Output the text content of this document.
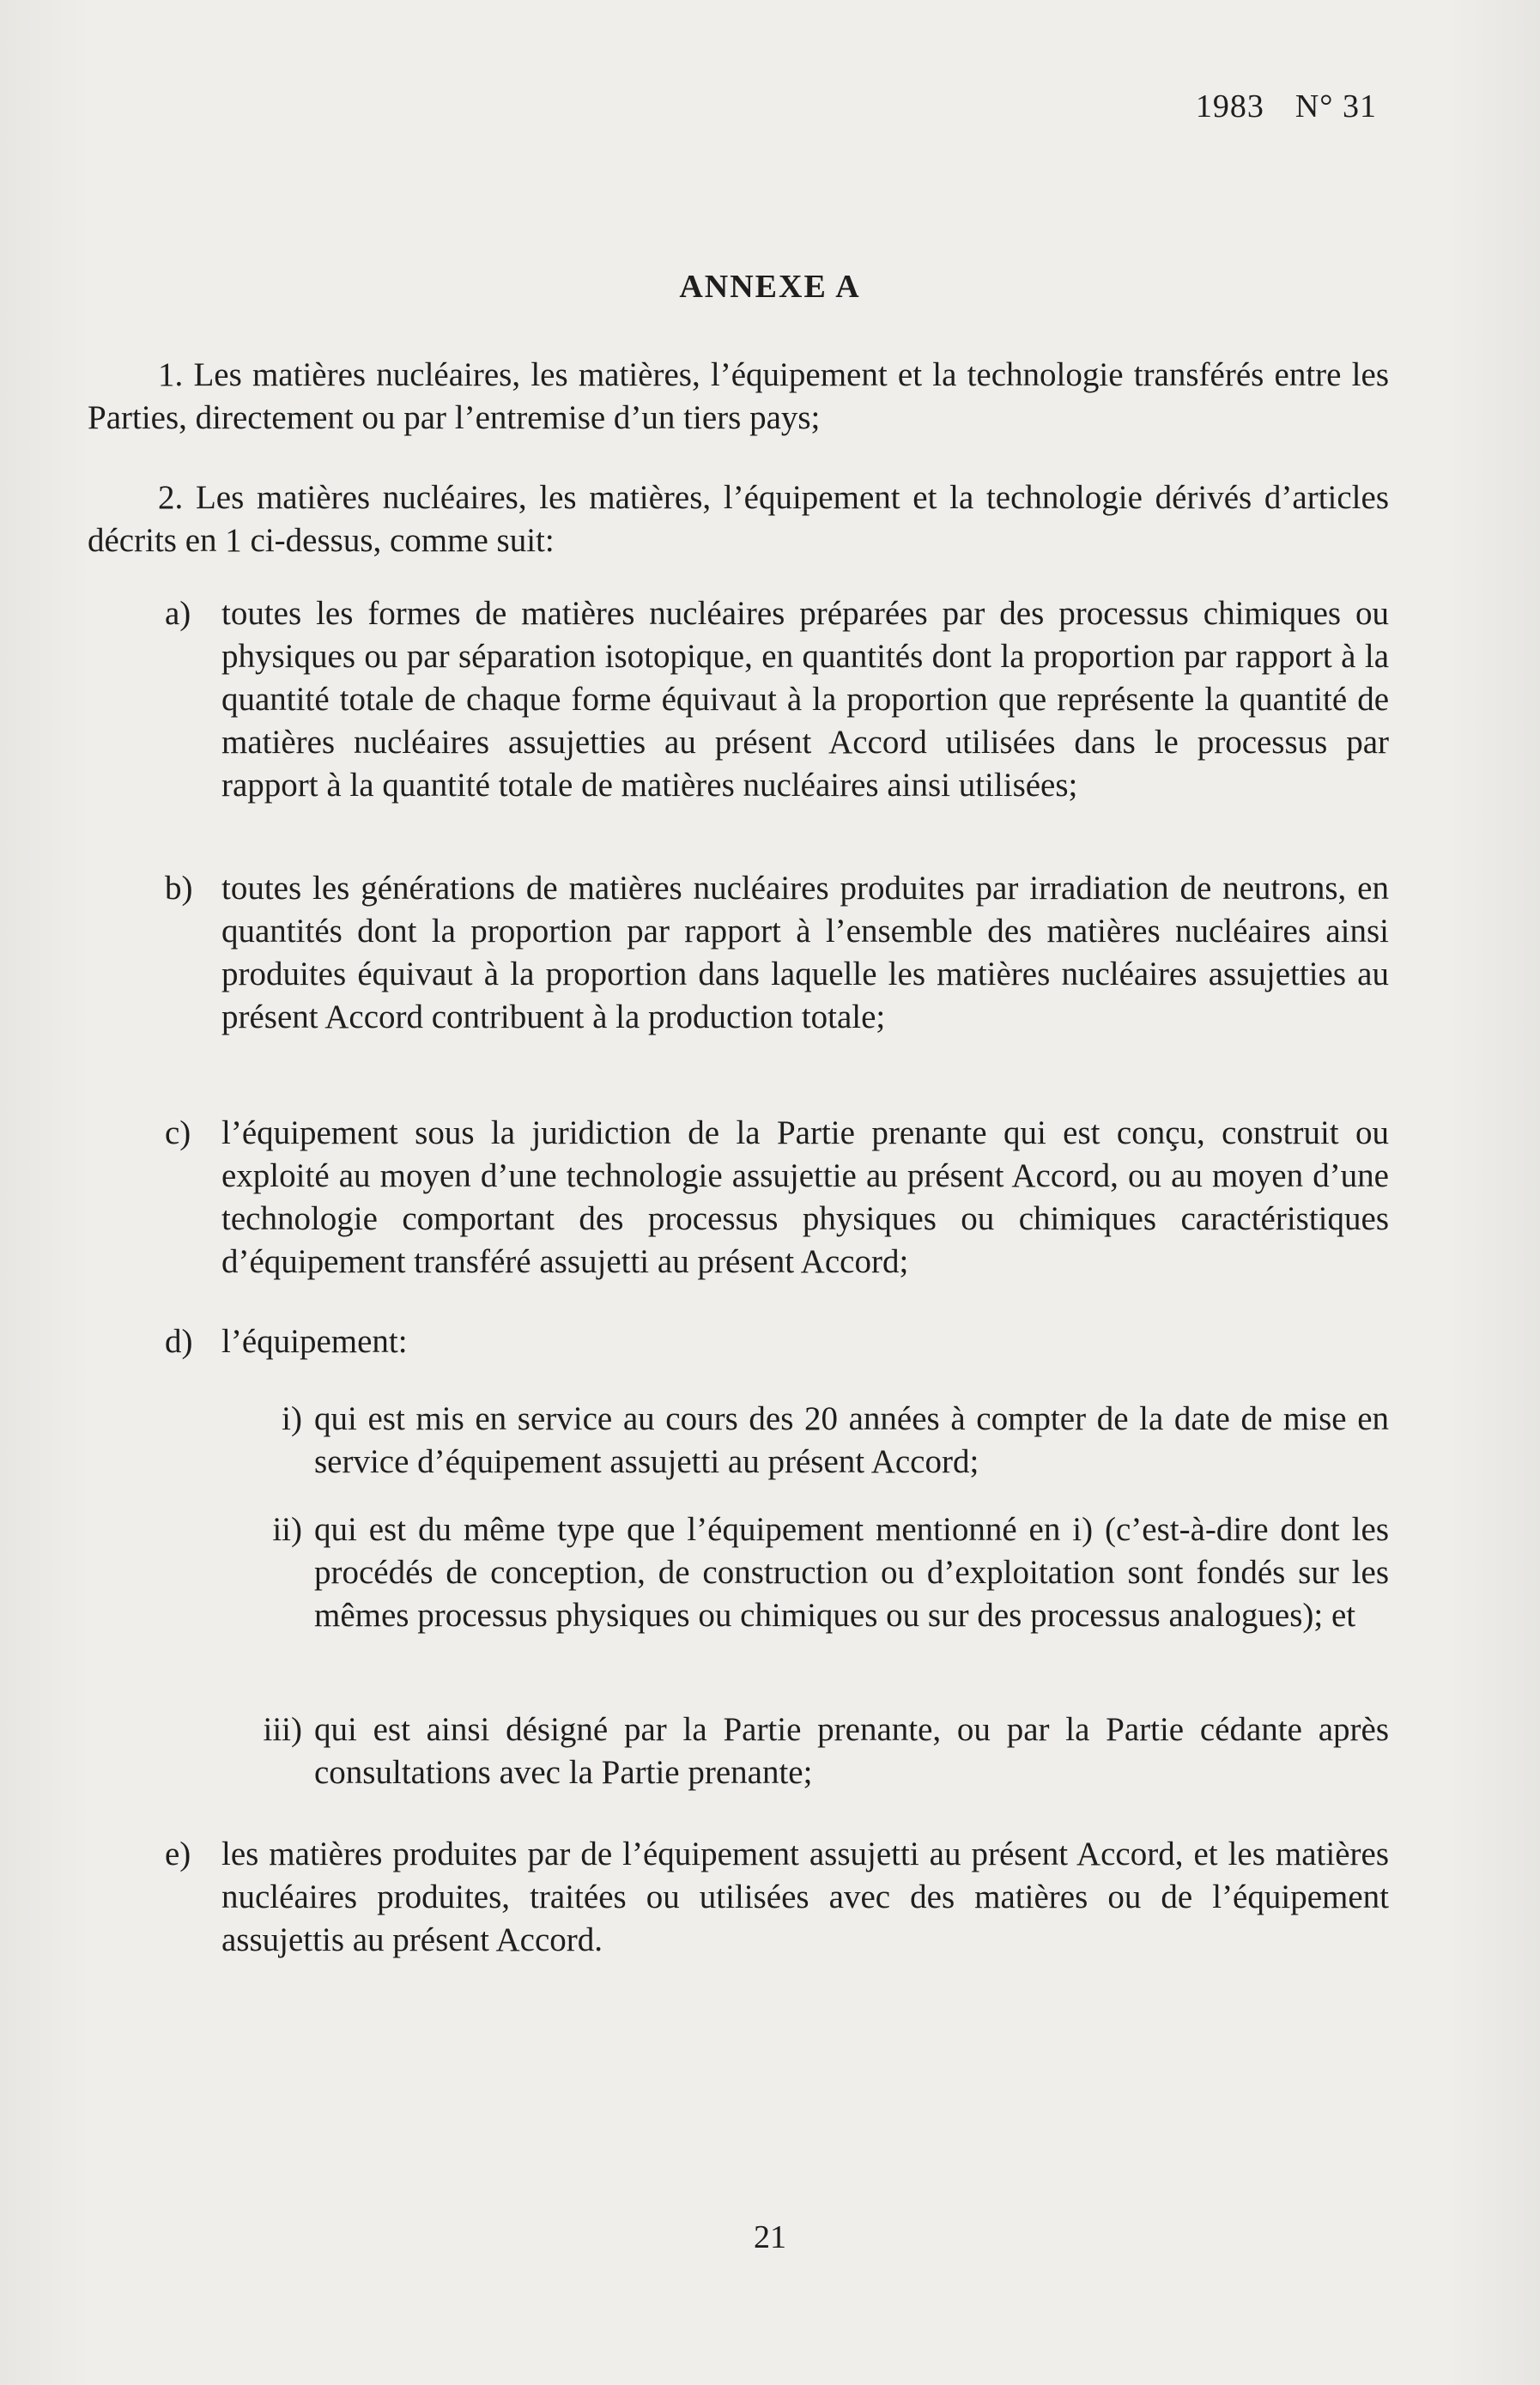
1983 N° 31
ANNEXE A
1. Les matières nucléaires, les matières, l’équipement et la technologie transférés entre les Parties, directement ou par l’entremise d’un tiers pays;
2. Les matières nucléaires, les matières, l’équipement et la technologie dérivés d’articles décrits en 1 ci-dessus, comme suit:
a) toutes les formes de matières nucléaires préparées par des processus chimiques ou physiques ou par séparation isotopique, en quantités dont la proportion par rapport à la quantité totale de chaque forme équivaut à la proportion que représente la quantité de matières nucléaires assujetties au présent Accord utilisées dans le processus par rapport à la quantité totale de matières nucléaires ainsi utilisées;
b) toutes les générations de matières nucléaires produites par irradiation de neutrons, en quantités dont la proportion par rapport à l’ensemble des matières nucléaires ainsi produites équivaut à la proportion dans laquelle les matières nucléaires assujetties au présent Accord contribuent à la production totale;
c) l’équipement sous la juridiction de la Partie prenante qui est conçu, construit ou exploité au moyen d’une technologie assujettie au présent Accord, ou au moyen d’une technologie comportant des processus physiques ou chimiques caractéristiques d’équipement transféré assujetti au présent Accord;
d) l’équipement:
i) qui est mis en service au cours des 20 années à compter de la date de mise en service d’équipement assujetti au présent Accord;
ii) qui est du même type que l’équipement mentionné en i) (c’est-à-dire dont les procédés de conception, de construction ou d’exploitation sont fondés sur les mêmes processus physiques ou chimiques ou sur des processus analogues); et
iii) qui est ainsi désigné par la Partie prenante, ou par la Partie cédante après consultations avec la Partie prenante;
e) les matières produites par de l’équipement assujetti au présent Accord, et les matières nucléaires produites, traitées ou utilisées avec des matières ou de l’équipement assujettis au présent Accord.
21
